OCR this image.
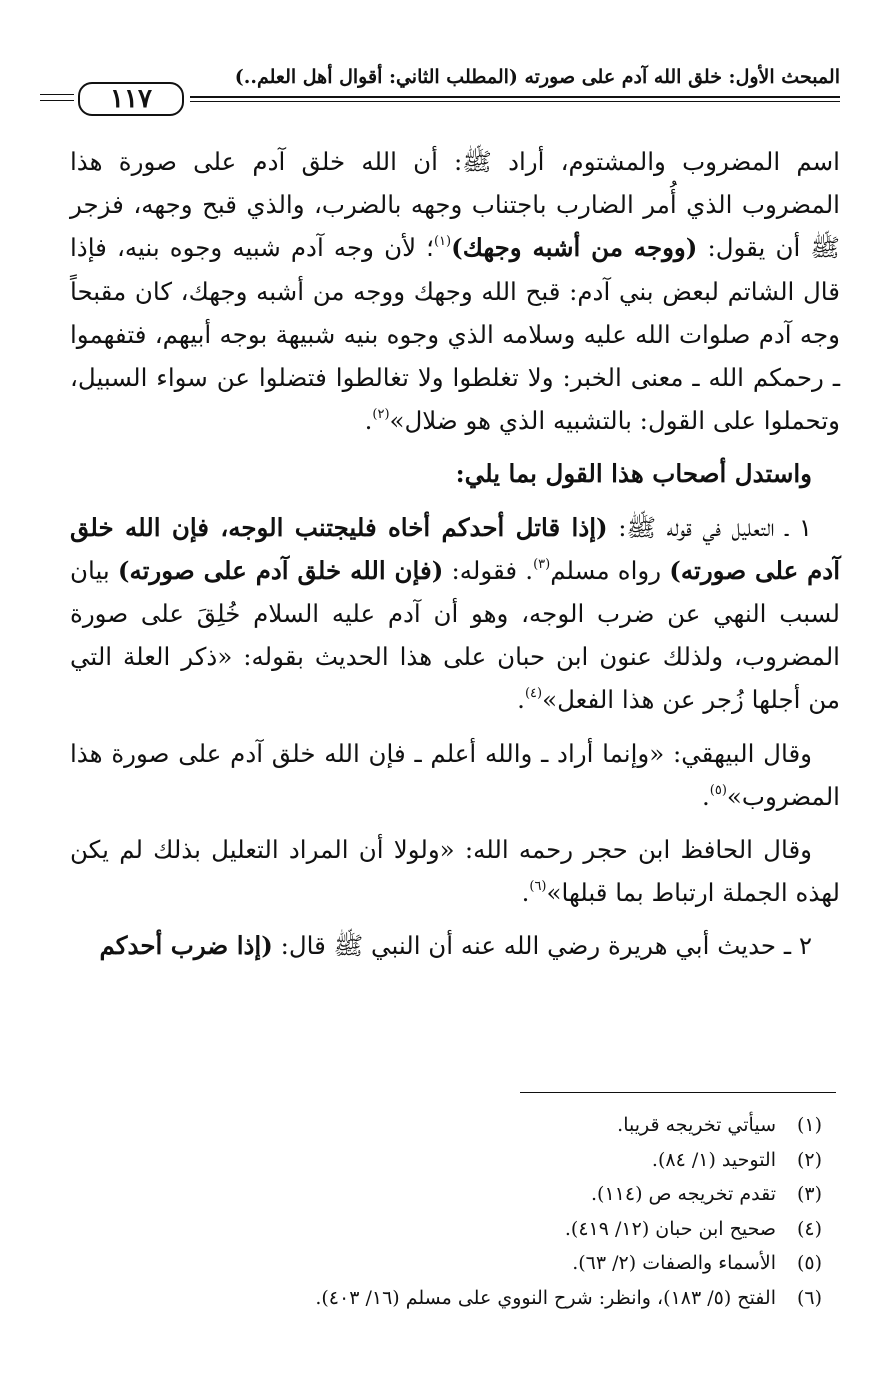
المبحث الأول: خلق الله آدم على صورته (المطلب الثاني: أقوال أهل العلم..)
١١٧

اسم المضروب والمشتوم، أراد ﷺ: أن الله خلق آدم على صورة هذا المضروب الذي أُمر الضارب باجتناب وجهه بالضرب، والذي قبح وجهه، فزجر ﷺ أن يقول: (ووجه من أشبه وجهك)$^{(١)}$؛ لأن وجه آدم شبيه وجوه بنيه، فإذا قال الشاتم لبعض بني آدم: قبح الله وجهك ووجه من أشبه وجهك، كان مقبحاً وجه آدم صلوات الله عليه وسلامه الذي وجوه بنيه شبيهة بوجه أبيهم، فتفهموا ـ رحمكم الله ـ معنى الخبر: ولا تغلطوا ولا تغالطوا فتضلوا عن سواء السبيل، وتحملوا على القول: بالتشبيه الذي هو ضلال»$^{(٢)}$.

واستدل أصحاب هذا القول بما يلي:

١ ـ التعليل في قوله ﷺ: (إذا قاتل أحدكم أخاه فليجتنب الوجه، فإن الله خلق آدم على صورته) رواه مسلم$^{(٣)}$. فقوله: (فإن الله خلق آدم على صورته) بيان لسبب النهي عن ضرب الوجه، وهو أن آدم عليه السلام خُلِقَ على صورة المضروب، ولذلك عنون ابن حبان على هذا الحديث بقوله: «ذكر العلة التي من أجلها زُجر عن هذا الفعل»$^{(٤)}$.

وقال البيهقي: «وإنما أراد ـ والله أعلم ـ فإن الله خلق آدم على صورة هذا المضروب»$^{(٥)}$.

وقال الحافظ ابن حجر رحمه الله: «ولولا أن المراد التعليل بذلك لم يكن لهذه الجملة ارتباط بما قبلها»$^{(٦)}$.

٢ ـ حديث أبي هريرة رضي الله عنه أن النبي ﷺ قال: (إذا ضرب أحدكم

(١)سيأتي تخريجه قريبا.
(٢)التوحيد (١/ ٨٤).
(٣)تقدم تخريجه ص (١١٤).
(٤)صحيح ابن حبان (١٢/ ٤١٩).
(٥)الأسماء والصفات (٢/ ٦٣).
(٦)الفتح (٥/ ١٨٣)، وانظر: شرح النووي على مسلم (١٦/ ٤٠٣).
